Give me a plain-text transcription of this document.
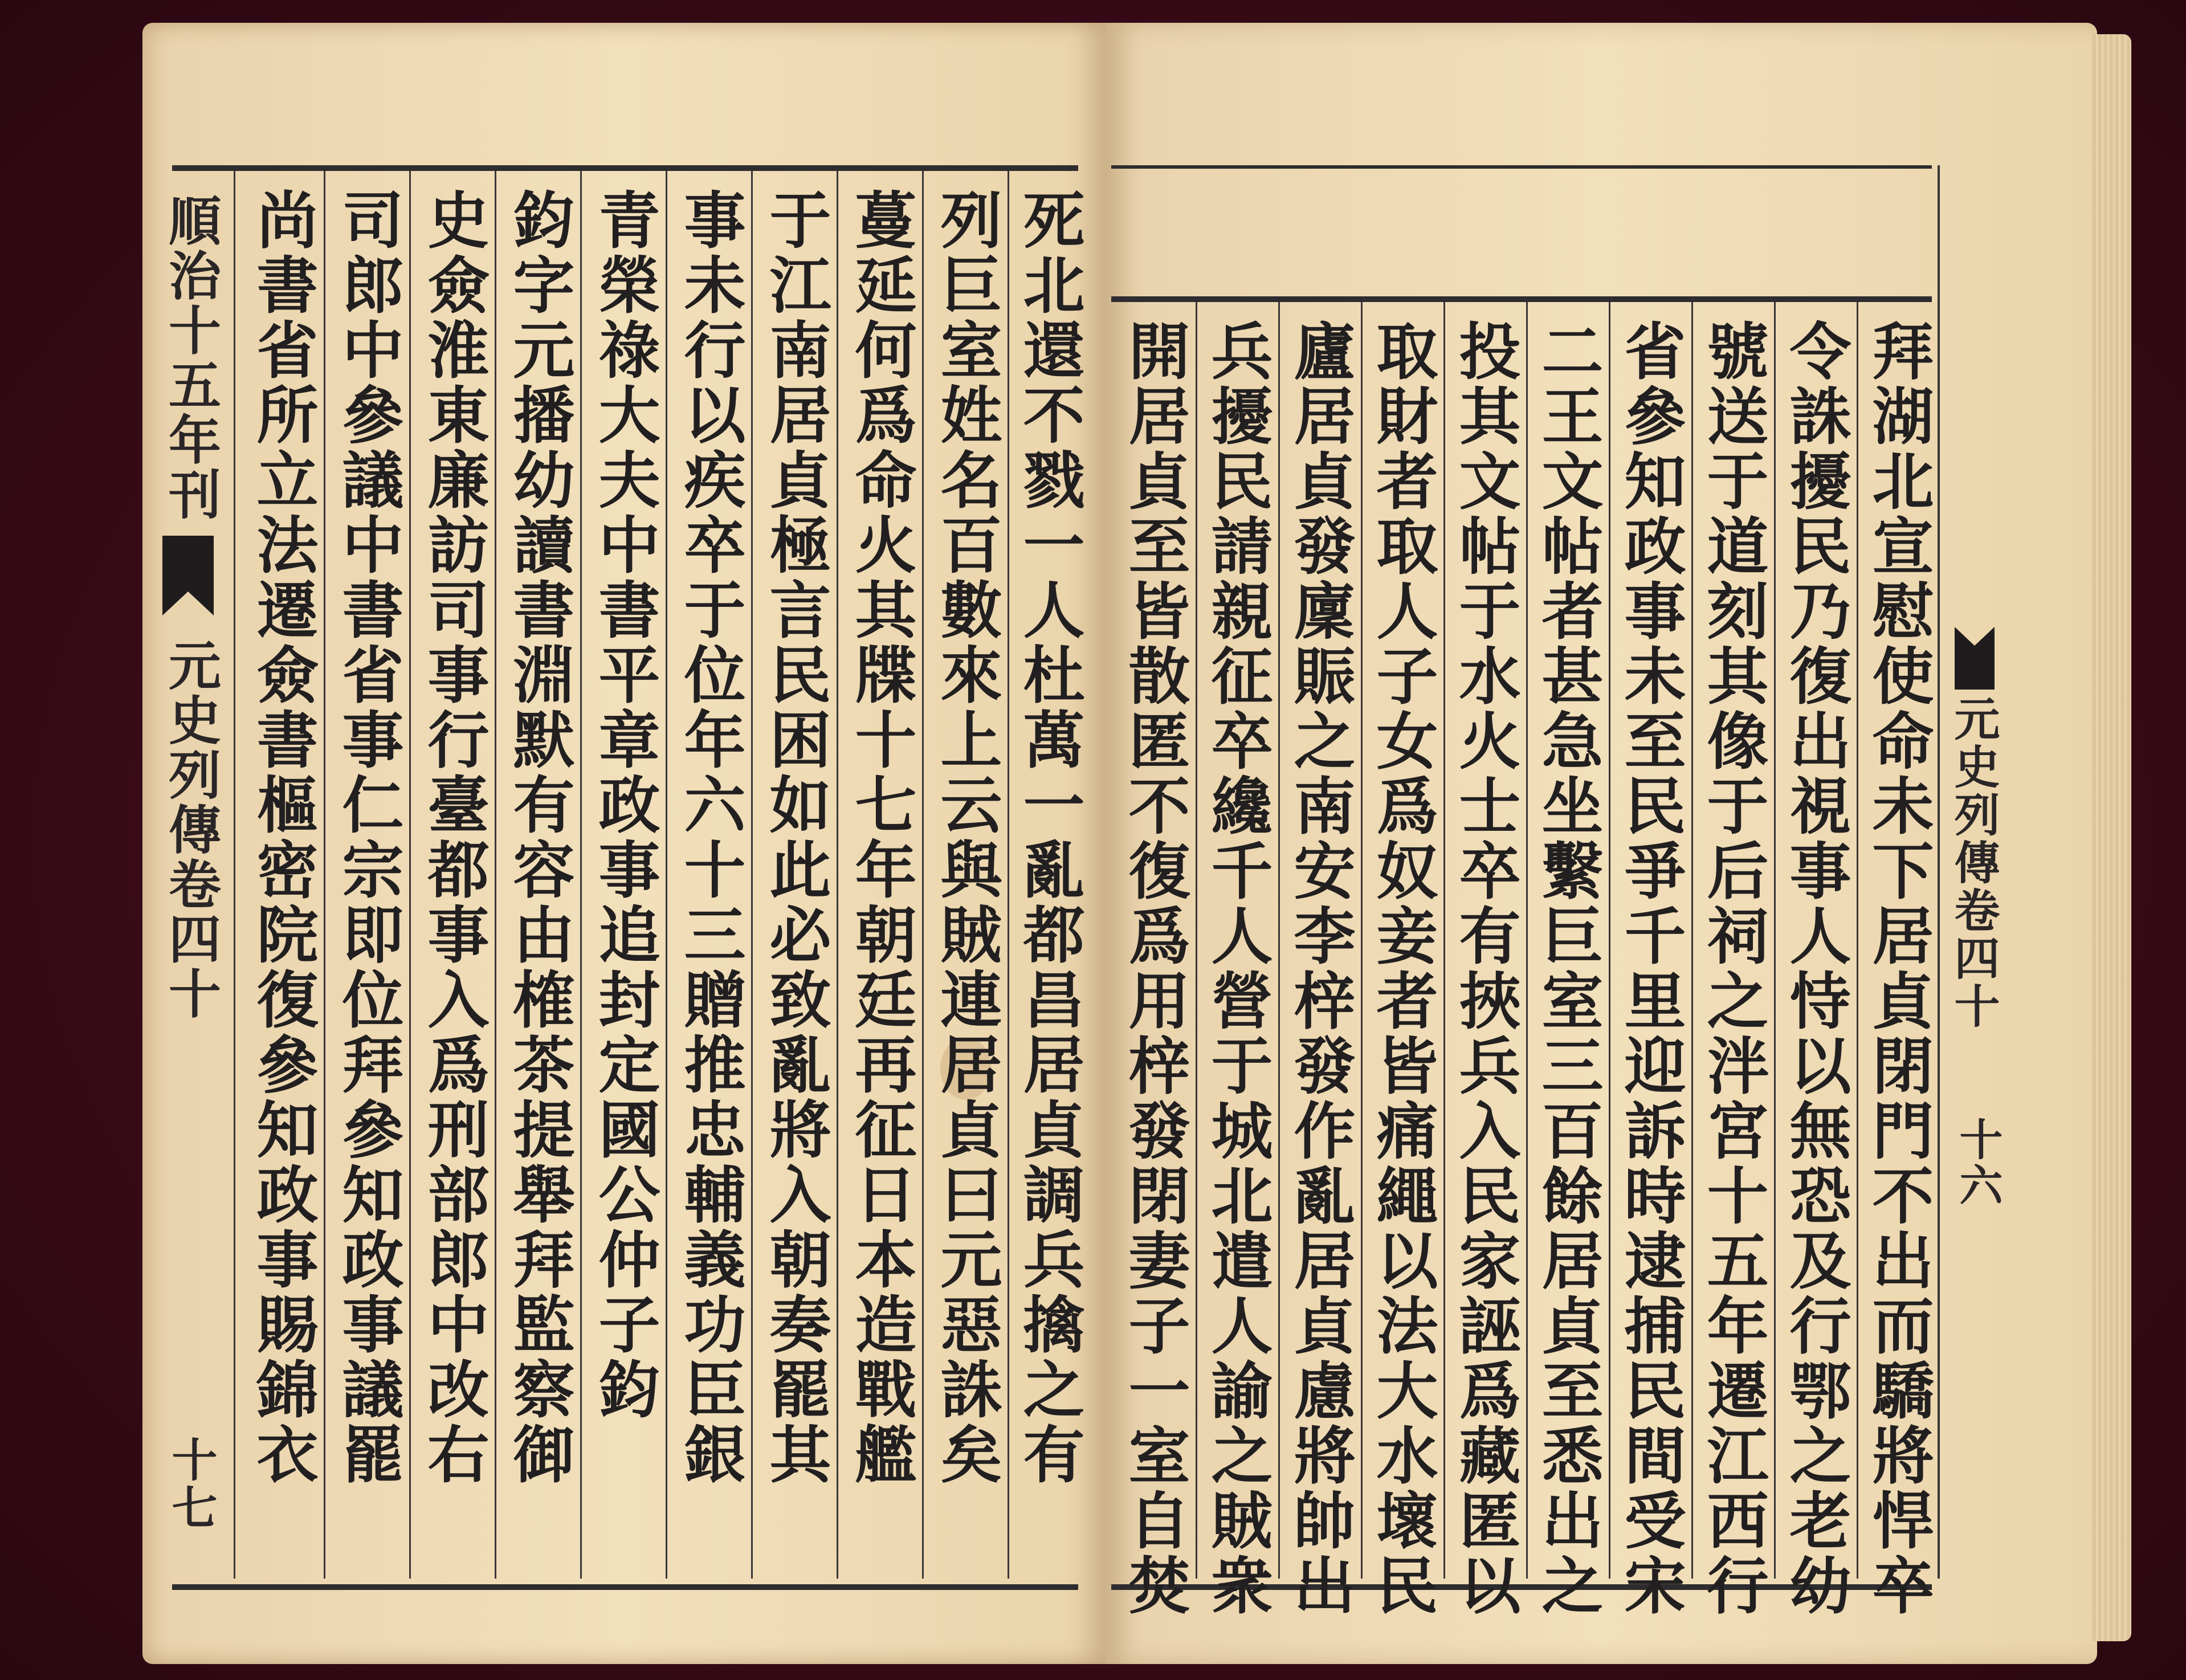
順治十五年刊
元史列傳卷四十
十七 尚書省所立法遷僉書樞密院復參知政事賜錦衣 司郎中參議中書省事仁宗即位拜參知政事議罷 史僉淮東廉訪司事行臺都事入爲刑部郎中改右 鈞字元播幼讀書淵默有容由榷茶提舉拜監察御 青榮祿大夫中書平章政事追封定國公仲子鈞 事未行以疾卒于位年六十三贈推忠輔義功臣銀 于江南居貞極言民困如此必致亂將入朝奏罷其 蔓延何爲命火其牒十七年朝廷再征日本造戰艦 列巨室姓名百數來上云與賊連居貞曰元惡誅矣 死北還不戮一人杜萬一亂都昌居貞調兵擒之有 開居貞至皆散匿不復爲用梓發閉妻子一室自焚 兵擾民請親征卒纔千人營于城北遣人諭之賊衆 廬居貞發廩賑之南安李梓發作亂居貞慮將帥出 取財者取人子女爲奴妾者皆痛繩以法大水壞民 投其文帖于水火士卒有挾兵入民家誣爲藏匿以 二王文帖者甚急坐繫巨室三百餘居貞至悉出之 省參知政事未至民爭千里迎訴時逮捕民間受宋 號送于道刻其像于后祠之泮宮十五年遷江西行 令誅擾民乃復出視事人恃以無恐及行鄂之老幼 拜湖北宣慰使命未下居貞閉門不出而驕將悍卒 元史列傳卷四十
十六
